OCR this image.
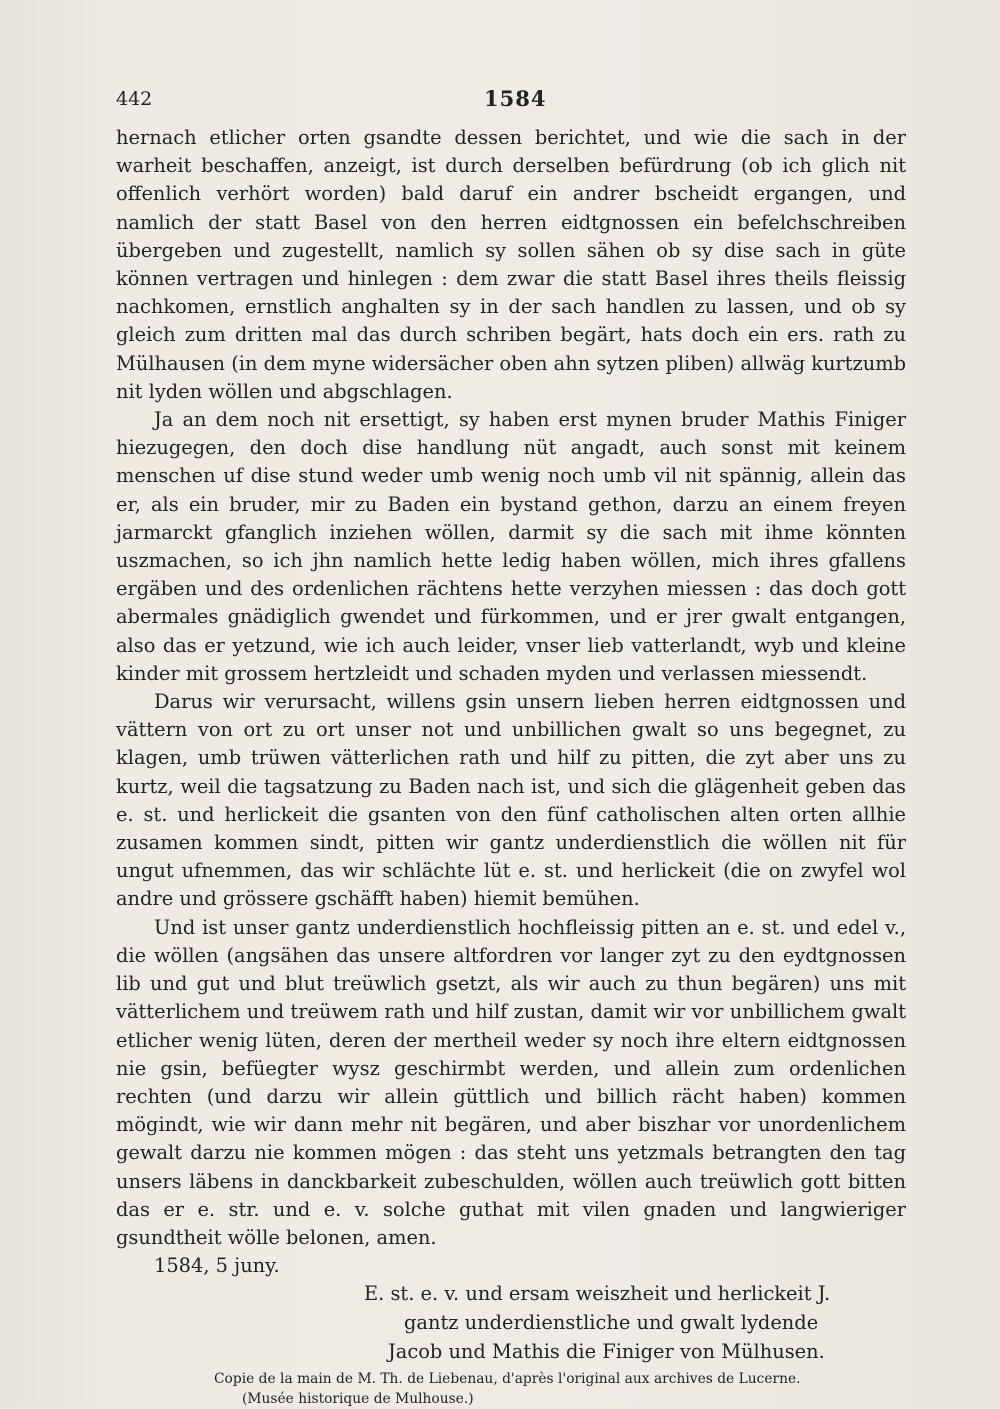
442	1584

hernach etlicher orten gsandte dessen berichtet, und wie die sach in der warheit beschaffen, anzeigt, ist durch derselben befürdrung (ob ich glich nit offenlich verhört worden) bald daruf ein andrer bscheidt ergangen, und namlich der statt Basel von den herren eidtgnossen ein befelchschreiben übergeben und zugestellt, namlich sy sollen sähen ob sy dise sach in güte können vertragen und hinlegen : dem zwar die statt Basel ihres theils fleissig nachkomen, ernstlich anghalten sy in der sach handlen zu lassen, und ob sy gleich zum dritten mal das durch schriben begärt, hats doch ein ers. rath zu Mülhausen (in dem myne widersächer oben ahn sytzen pliben) allwäg kurtzumb nit lyden wöllen und abgschlagen.

Ja an dem noch nit ersettigt, sy haben erst mynen bruder Mathis Finiger hiezugegen, den doch dise handlung nüt angadt, auch sonst mit keinem menschen uf dise stund weder umb wenig noch umb vil nit spännig, allein das er, als ein bruder, mir zu Baden ein bystand gethon, darzu an einem freyen jarmarckt gfanglich inziehen wöllen, darmit sy die sach mit ihme könnten uszmachen, so ich jhn namlich hette ledig haben wöllen, mich ihres gfallens ergäben und des ordenlichen rächtens hette verzyhen miessen : das doch gott abermales gnädiglich gwendet und fürkommen, und er jrer gwalt entgangen, also das er yetzund, wie ich auch leider, vnser lieb vatterlandt, wyb und kleine kinder mit grossem hertzleidt und schaden myden und verlassen miessendt.

Darus wir verursacht, willens gsin unsern lieben herren eidtgnossen und vättern von ort zu ort unser not und unbillichen gwalt so uns begegnet, zu klagen, umb trüwen vätterlichen rath und hilf zu pitten, die zyt aber uns zu kurtz, weil die tagsatzung zu Baden nach ist, und sich die glägenheit geben das e. st. und herlickeit die gsanten von den fünf catholischen alten orten allhie zusamen kommen sindt, pitten wir gantz underdienstlich die wöllen nit für ungut ufnemmen, das wir schlächte lüt e. st. und herlickeit (die on zwyfel wol andre und grössere gschäfft haben) hiemit bemühen.

Und ist unser gantz underdienstlich hochfleissig pitten an e. st. und edel v., die wöllen (angsähen das unsere altfordren vor langer zyt zu den eydtgnossen lib und gut und blut treüwlich gsetzt, als wir auch zu thun begären) uns mit vätterlichem und treüwem rath und hilf zustan, damit wir vor unbillichem gwalt etlicher wenig lüten, deren der mertheil weder sy noch ihre eltern eidtgnossen nie gsin, befüegter wysz geschirmbt werden, und allein zum ordenlichen rechten (und darzu wir allein güttlich und billich rächt haben) kommen mögindt, wie wir dann mehr nit begären, und aber biszhar vor unordenlichem gewalt darzu nie kommen mögen : das steht uns yetzmals betrangten den tag unsers läbens in danckbarkeit zubeschulden, wöllen auch treüwlich gott bitten das er e. str. und e. v. solche guthat mit vilen gnaden und langwieriger gsundtheit wölle belonen, amen.

1584, 5 juny.

E. st. e. v. und ersam weiszheit und herlickeit J.
gantz underdienstliche und gwalt lydende
Jacob und Mathis die Finiger von Mülhusen.

Copie de la main de M. Th. de Liebenau, d'après l'original aux archives de Lucerne.
(Musée historique de Mulhouse.)
